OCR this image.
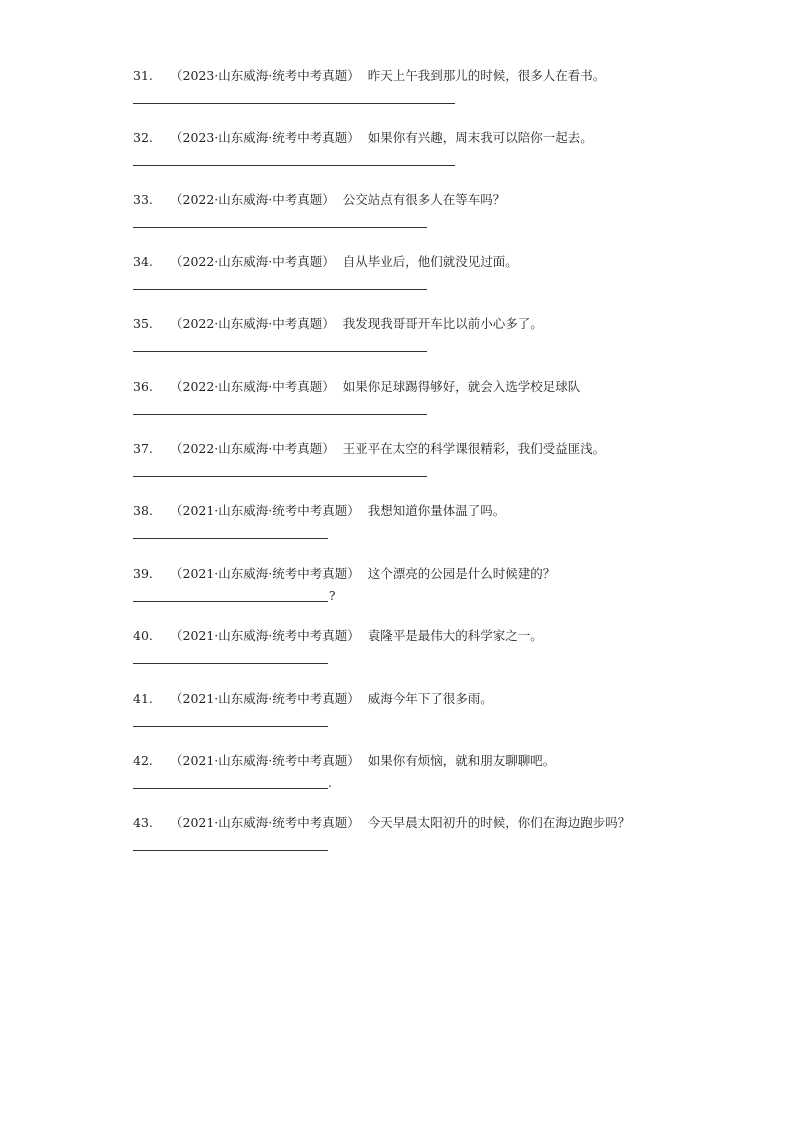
31. （2023·山东威海·统考中考真题） 昨天上午我到那儿的时候，很多人在看书。
32. （2023·山东威海·统考中考真题） 如果你有兴趣，周末我可以陪你一起去。
33. （2022·山东威海·中考真题） 公交站点有很多人在等车吗？
34. （2022·山东威海·中考真题） 自从毕业后，他们就没见过面。
35. （2022·山东威海·中考真题） 我发现我哥哥开车比以前小心多了。
36. （2022·山东威海·中考真题） 如果你足球踢得够好，就会入选学校足球队
37. （2022·山东威海·中考真题） 王亚平在太空的科学课很精彩，我们受益匪浅。
38. （2021·山东威海·统考中考真题） 我想知道你量体温了吗。
39. （2021·山东威海·统考中考真题） 这个漂亮的公园是什么时候建的？
?
40. （2021·山东威海·统考中考真题） 袁隆平是最伟大的科学家之一。
41. （2021·山东威海·统考中考真题） 威海今年下了很多雨。
42. （2021·山东威海·统考中考真题） 如果你有烦恼，就和朋友聊聊吧。
.
43. （2021·山东威海·统考中考真题） 今天早晨太阳初升的时候，你们在海边跑步吗？
